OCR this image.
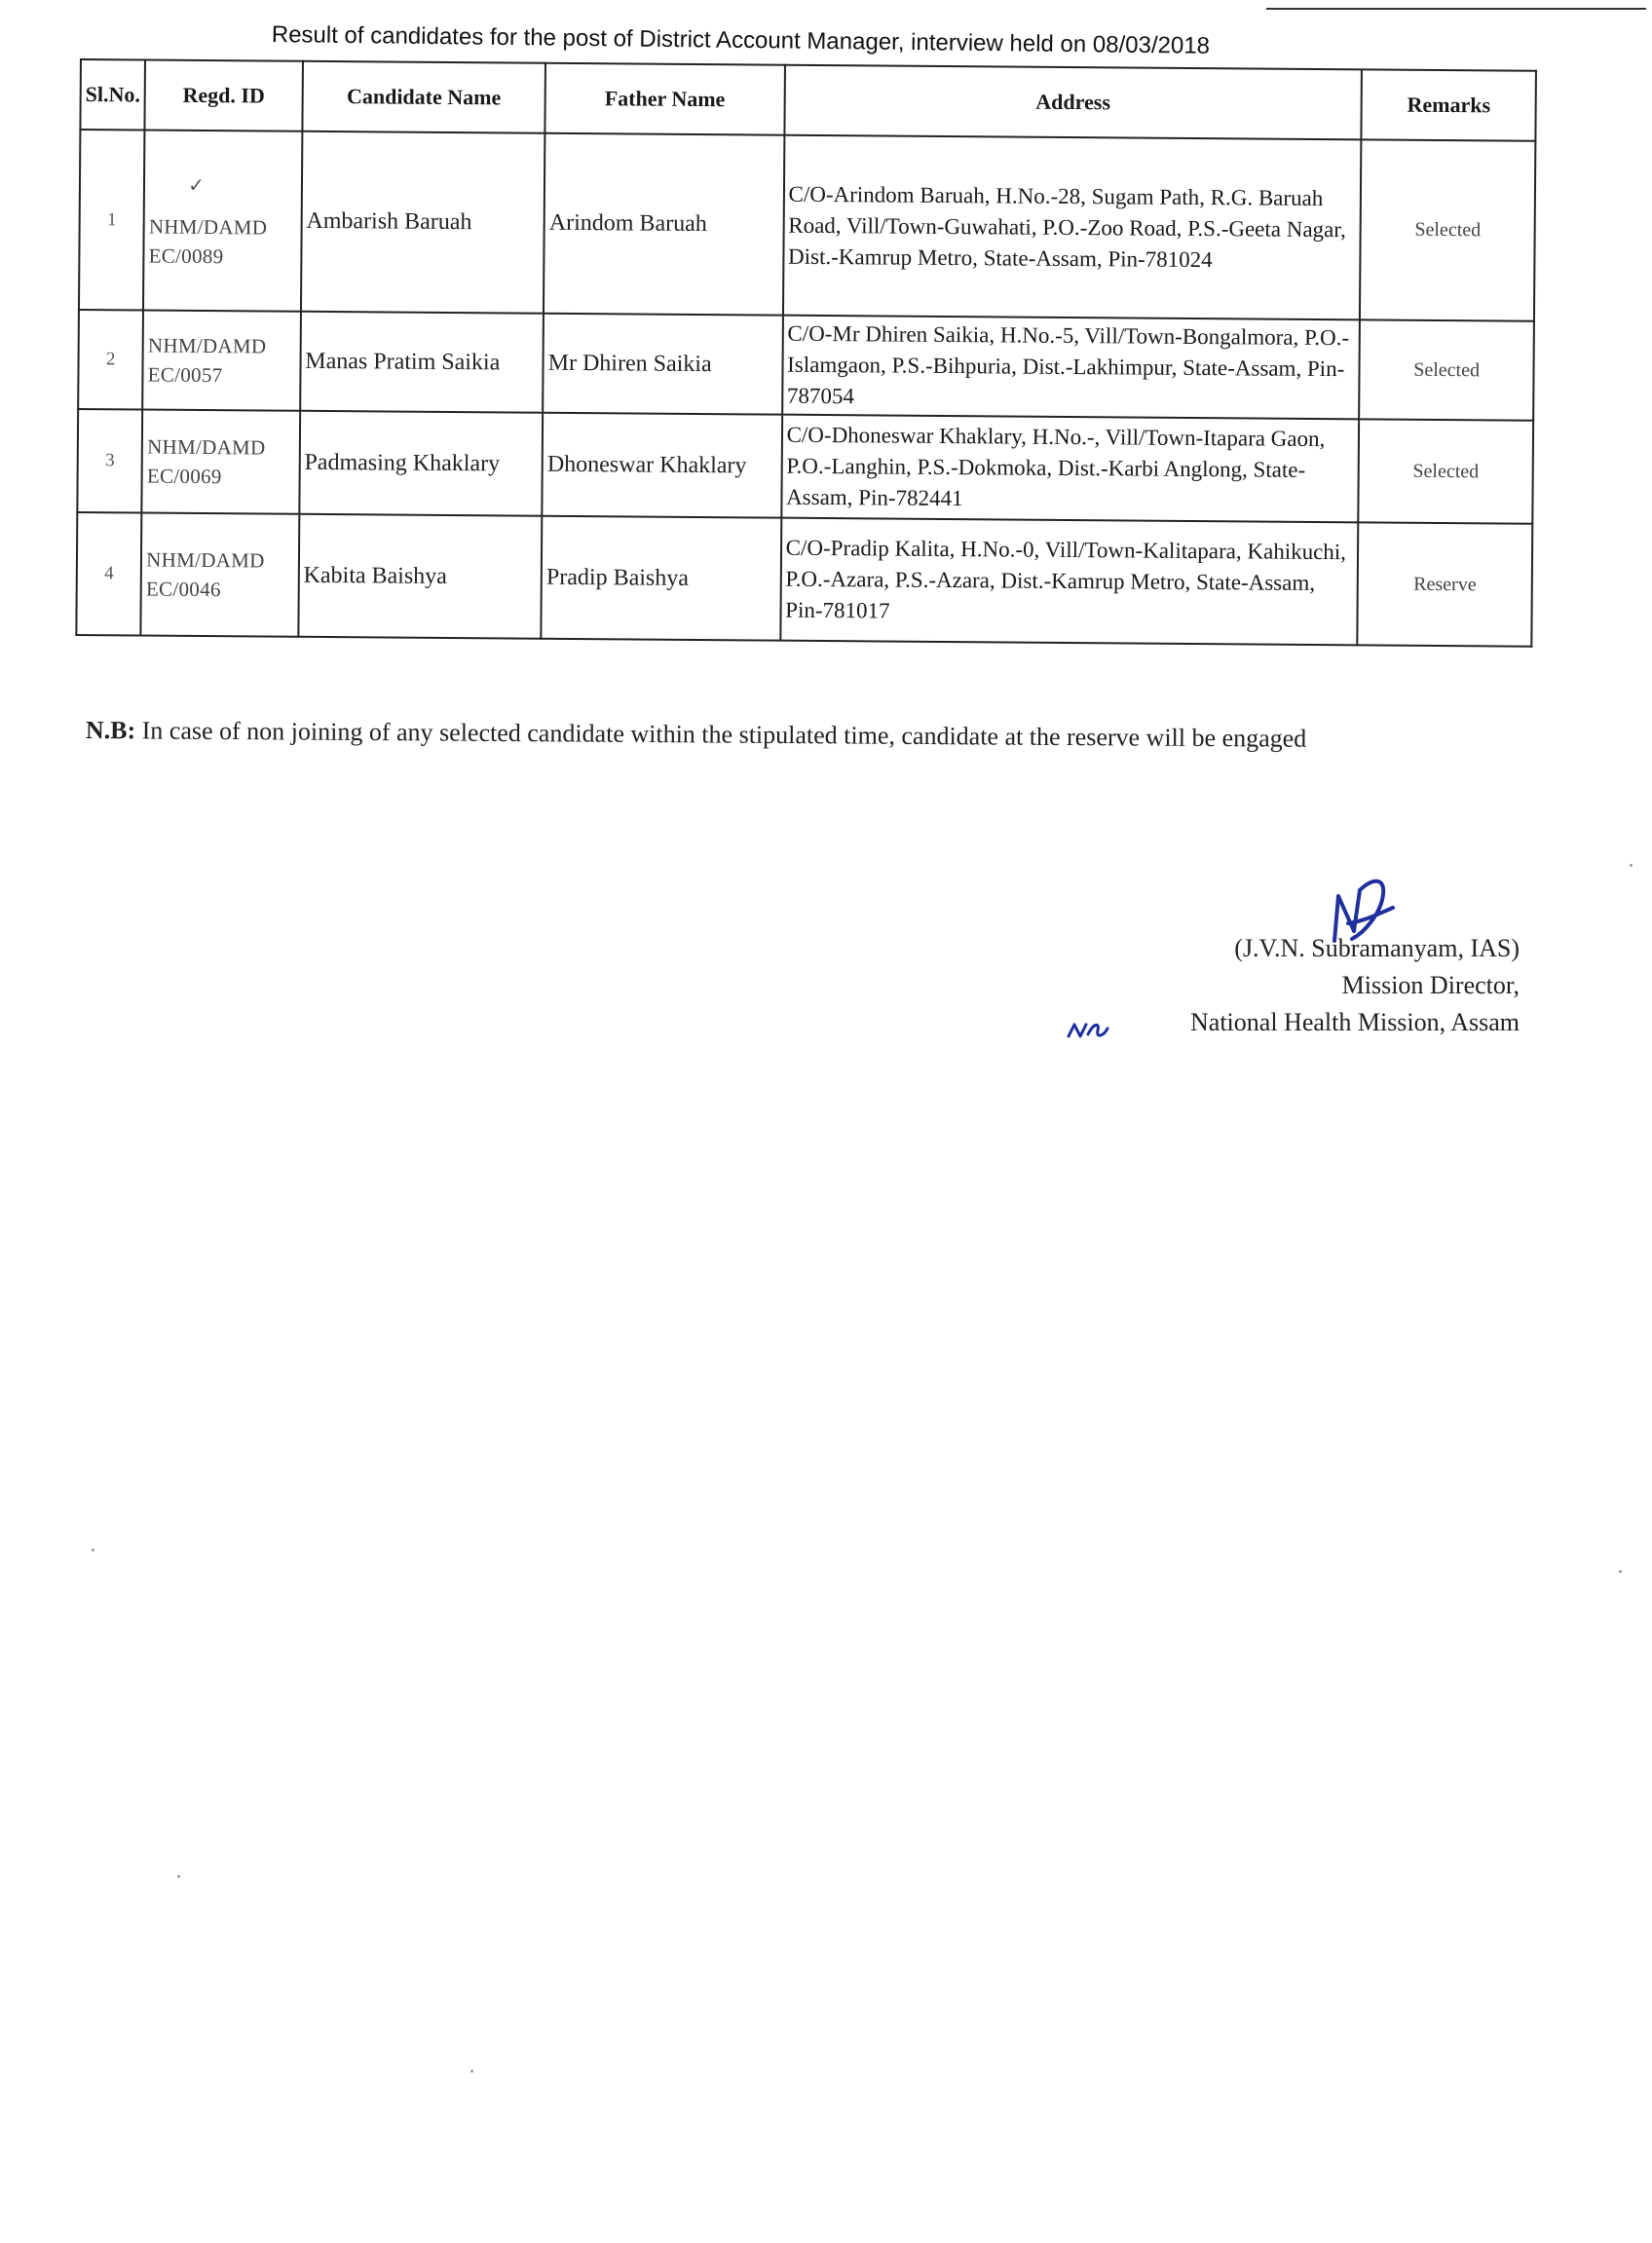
Result of candidates for the post of District Account Manager, interview held on 08/03/2018
Sl.No.	Regd. ID	Candidate Name	Father Name	Address	Remarks
1	✓
NHM/DAMD
EC/0089	Ambarish Baruah	Arindom Baruah	C/O-Arindom Baruah, H.No.-28, Sugam Path, R.G. Baruah Road, Vill/Town-Guwahati, P.O.-Zoo Road, P.S.-Geeta Nagar, Dist.-Kamrup Metro, State-Assam, Pin-781024	Selected
2	NHM/DAMD
EC/0057	Manas Pratim Saikia	Mr Dhiren Saikia	C/O-Mr Dhiren Saikia, H.No.-5, Vill/Town-Bongalmora, P.O.-Islamgaon, P.S.-Bihpuria, Dist.-Lakhimpur, State-Assam, Pin-787054	Selected
3	NHM/DAMD
EC/0069	Padmasing Khaklary	Dhoneswar Khaklary	C/O-Dhoneswar Khaklary, H.No.-, Vill/Town-Itapara Gaon, P.O.-Langhin, P.S.-Dokmoka, Dist.-Karbi Anglong, State-Assam, Pin-782441	Selected
4	NHM/DAMD
EC/0046	Kabita Baishya	Pradip Baishya	C/O-Pradip Kalita, H.No.-0, Vill/Town-Kalitapara, Kahikuchi, P.O.-Azara, P.S.-Azara, Dist.-Kamrup Metro, State-Assam, Pin-781017	Reserve
N.B: In case of non joining of any selected candidate within the stipulated time, candidate at the reserve will be engaged
(J.V.N. Subramanyam, IAS)
Mission Director,
National Health Mission, Assam
